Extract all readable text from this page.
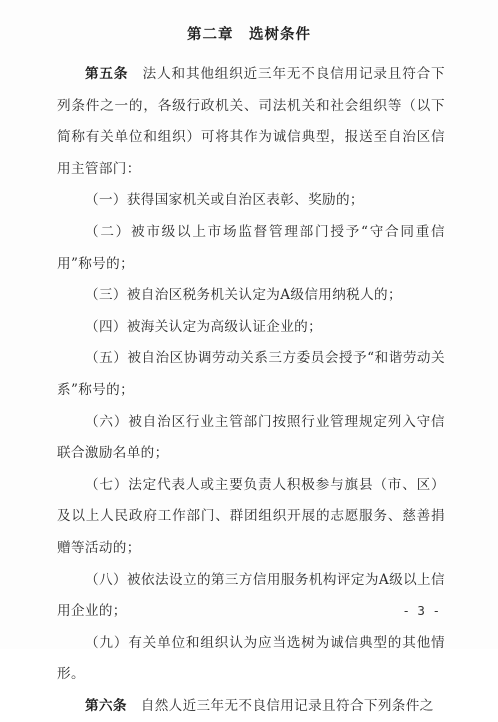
第二章　选树条件

第五条　法人和其他组织近三年无不良信用记录且符合下列条件之一的，各级行政机关、司法机关和社会组织等（以下简称有关单位和组织）可将其作为诚信典型，报送至自治区信用主管部门：

（一）获得国家机关或自治区表彰、奖励的；

（二）被市级以上市场监督管理部门授予“守合同重信用”称号的；

（三）被自治区税务机关认定为A级信用纳税人的；

（四）被海关认定为高级认证企业的；

（五）被自治区协调劳动关系三方委员会授予“和谐劳动关系”称号的；

（六）被自治区行业主管部门按照行业管理规定列入守信联合激励名单的；

（七）法定代表人或主要负责人积极参与旗县（市、区）及以上人民政府工作部门、群团组织开展的志愿服务、慈善捐赠等活动的；

（八）被依法设立的第三方信用服务机构评定为A级以上信用企业的；

（九）有关单位和组织认为应当选树为诚信典型的其他情形。

第六条　自然人近三年无不良信用记录且符合下列条件之

- 3 -
